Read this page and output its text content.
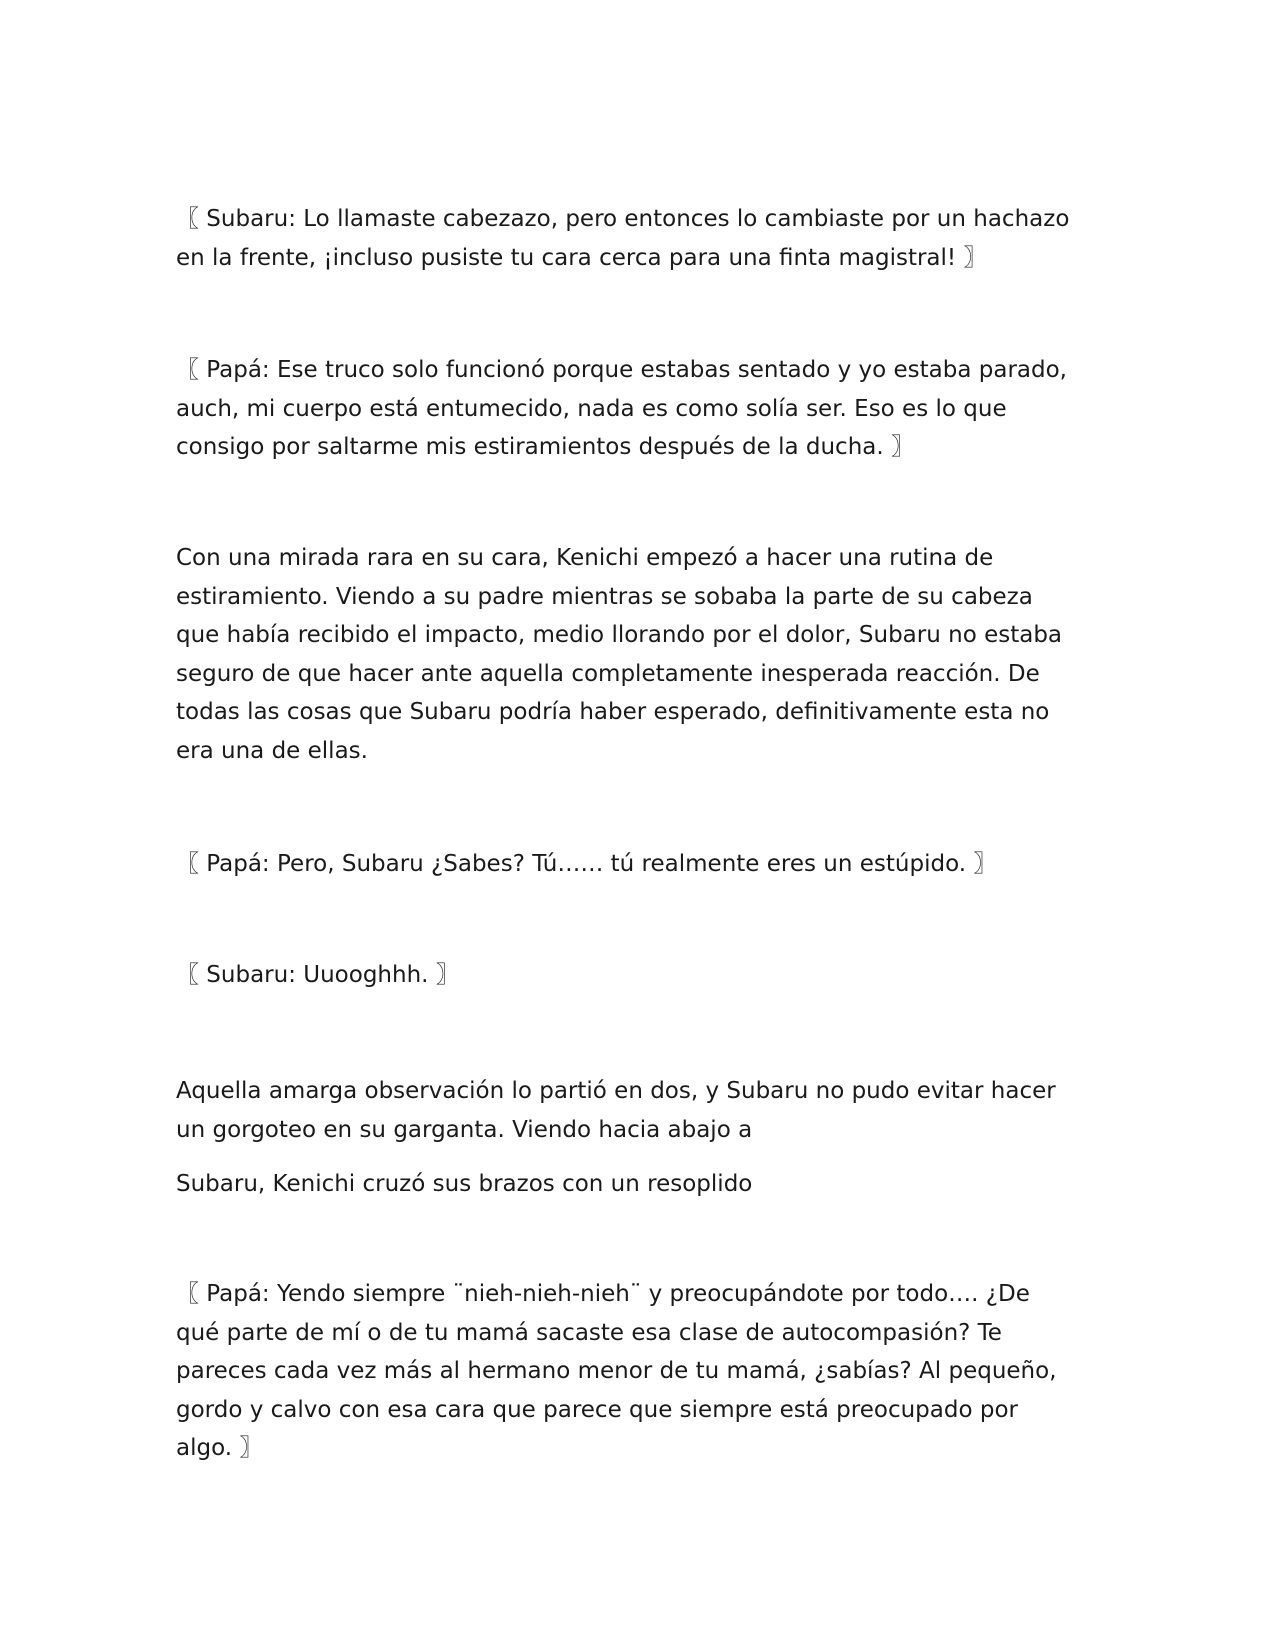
〖 Subaru: Lo llamaste cabezazo, pero entonces lo cambiaste por un hachazo
en la frente, ¡incluso pusiste tu cara cerca para una finta magistral! 〗

〖 Papá: Ese truco solo funcionó porque estabas sentado y yo estaba parado,
auch, mi cuerpo está entumecido, nada es como solía ser. Eso es lo que
consigo por saltarme mis estiramientos después de la ducha. 〗

Con una mirada rara en su cara, Kenichi empezó a hacer una rutina de
estiramiento. Viendo a su padre mientras se sobaba la parte de su cabeza
que había recibido el impacto, medio llorando por el dolor, Subaru no estaba
seguro de que hacer ante aquella completamente inesperada reacción. De
todas las cosas que Subaru podría haber esperado, definitivamente esta no
era una de ellas.

〖 Papá: Pero, Subaru ¿Sabes? Tú…… tú realmente eres un estúpido. 〗

〖 Subaru: Uuooghhh. 〗

Aquella amarga observación lo partió en dos, y Subaru no pudo evitar hacer
un gorgoteo en su garganta. Viendo hacia abajo a

Subaru, Kenichi cruzó sus brazos con un resoplido

〖 Papá: Yendo siempre ¨nieh-nieh-nieh¨ y preocupándote por todo…. ¿De
qué parte de mí o de tu mamá sacaste esa clase de autocompasión? Te
pareces cada vez más al hermano menor de tu mamá, ¿sabías? Al pequeño,
gordo y calvo con esa cara que parece que siempre está preocupado por
algo. 〗
